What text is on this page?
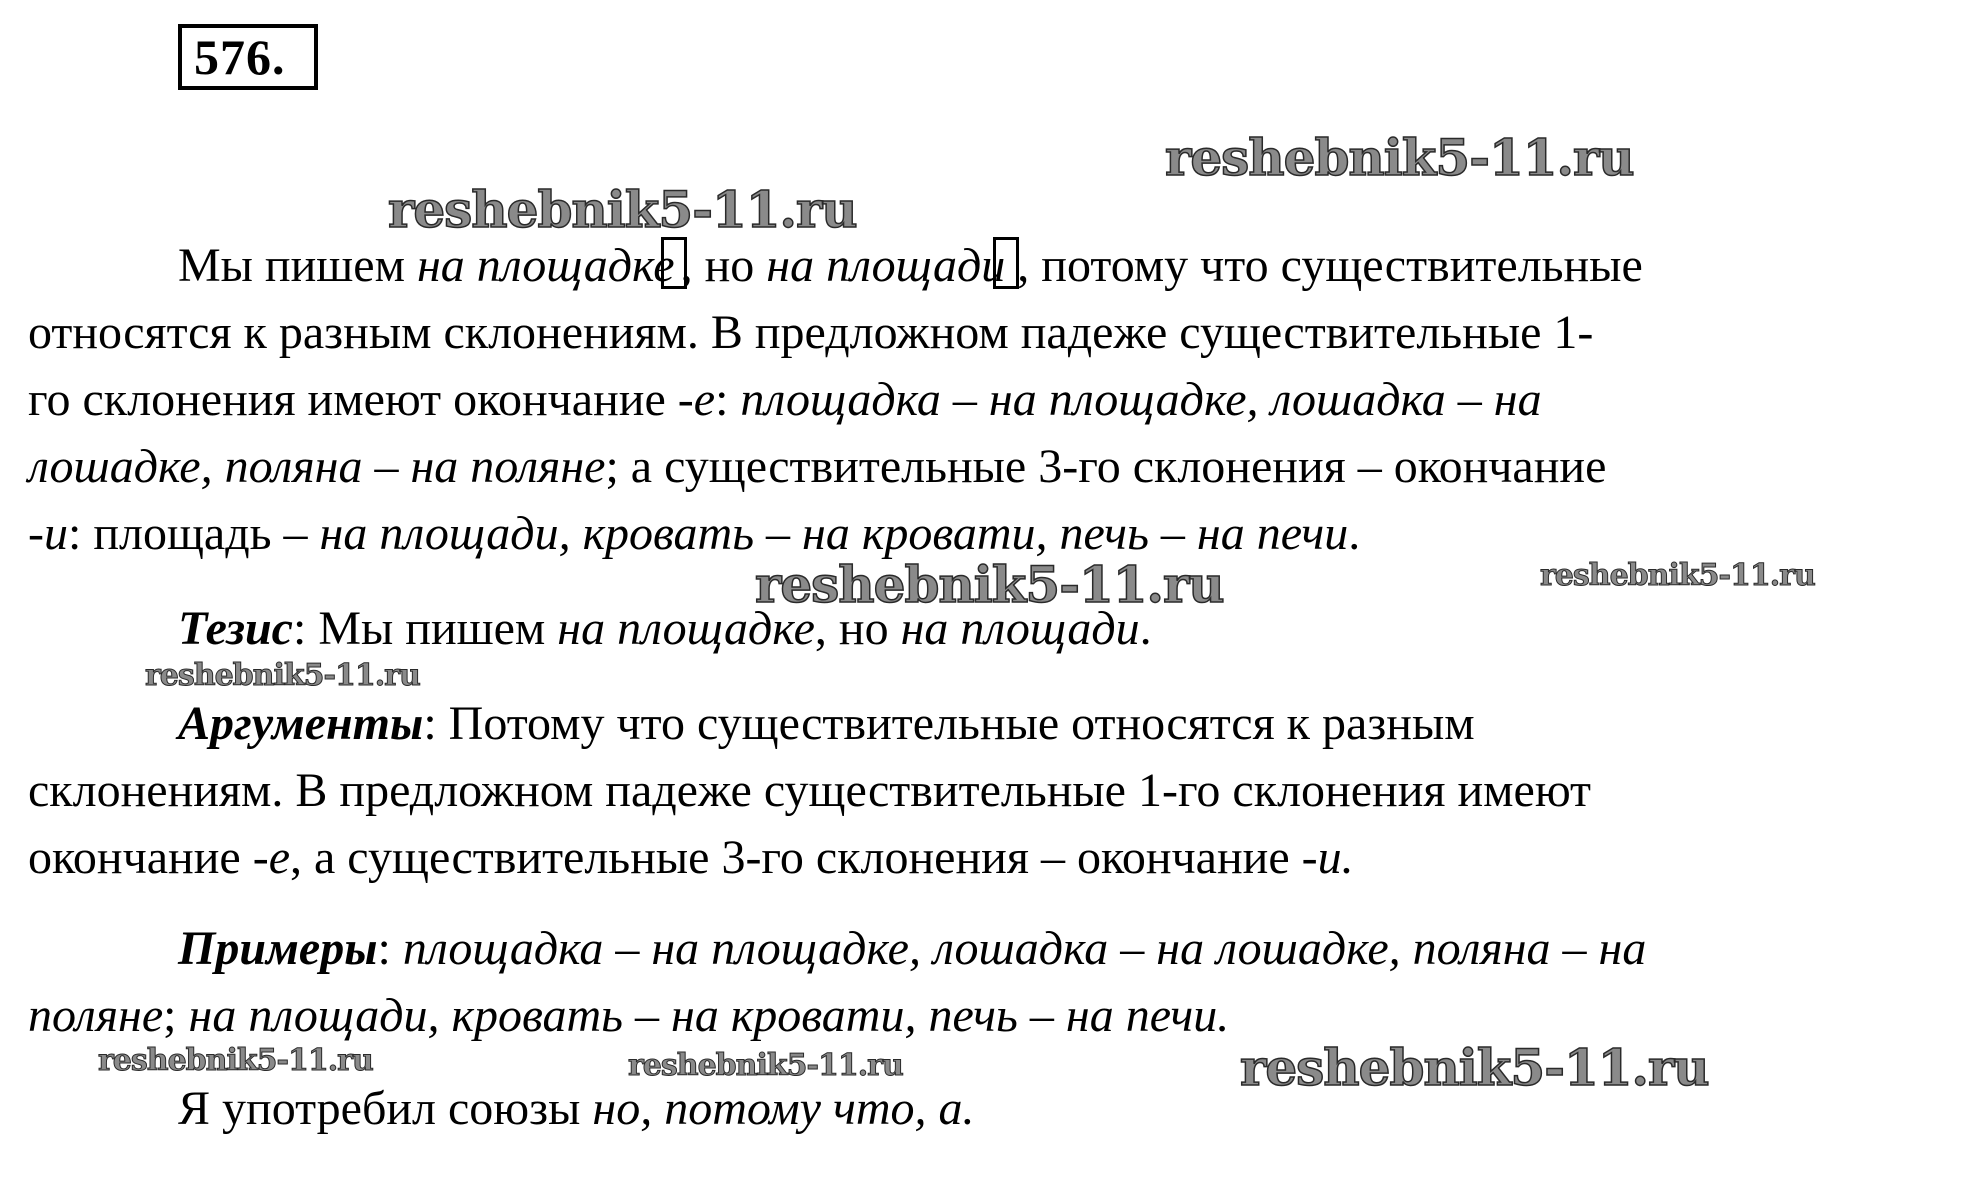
576.
reshebnik5-11.ru
reshebnik5-11.ru
reshebnik5-11.ru	reshebnik5-11.ru
reshebnik5-11.ru
reshebnik5-11.ru	reshebnik5-11.ru	reshebnik5-11.ru
Мы пишем на площадке , но на площади , потому что существительные
относятся к разным склонениям. В предложном падеже существительные 1-
го склонения имеют окончание -е: площадка – на площадке, лошадка – на
лошадке, поляна – на поляне; а существительные 3-го склонения – окончание
-и: площадь – на площади, кровать – на кровати, печь – на печи.
Тезис: Мы пишем на площадке, но на площади.
Аргументы: Потому что существительные относятся к разным
склонениям. В предложном падеже существительные 1-го склонения имеют
окончание -е, а существительные 3-го склонения – окончание -и.
Примеры: площадка – на площадке, лошадка – на лошадке, поляна – на
поляне; на площади, кровать – на кровати, печь – на печи.
Я употребил союзы но, потому что, а.
